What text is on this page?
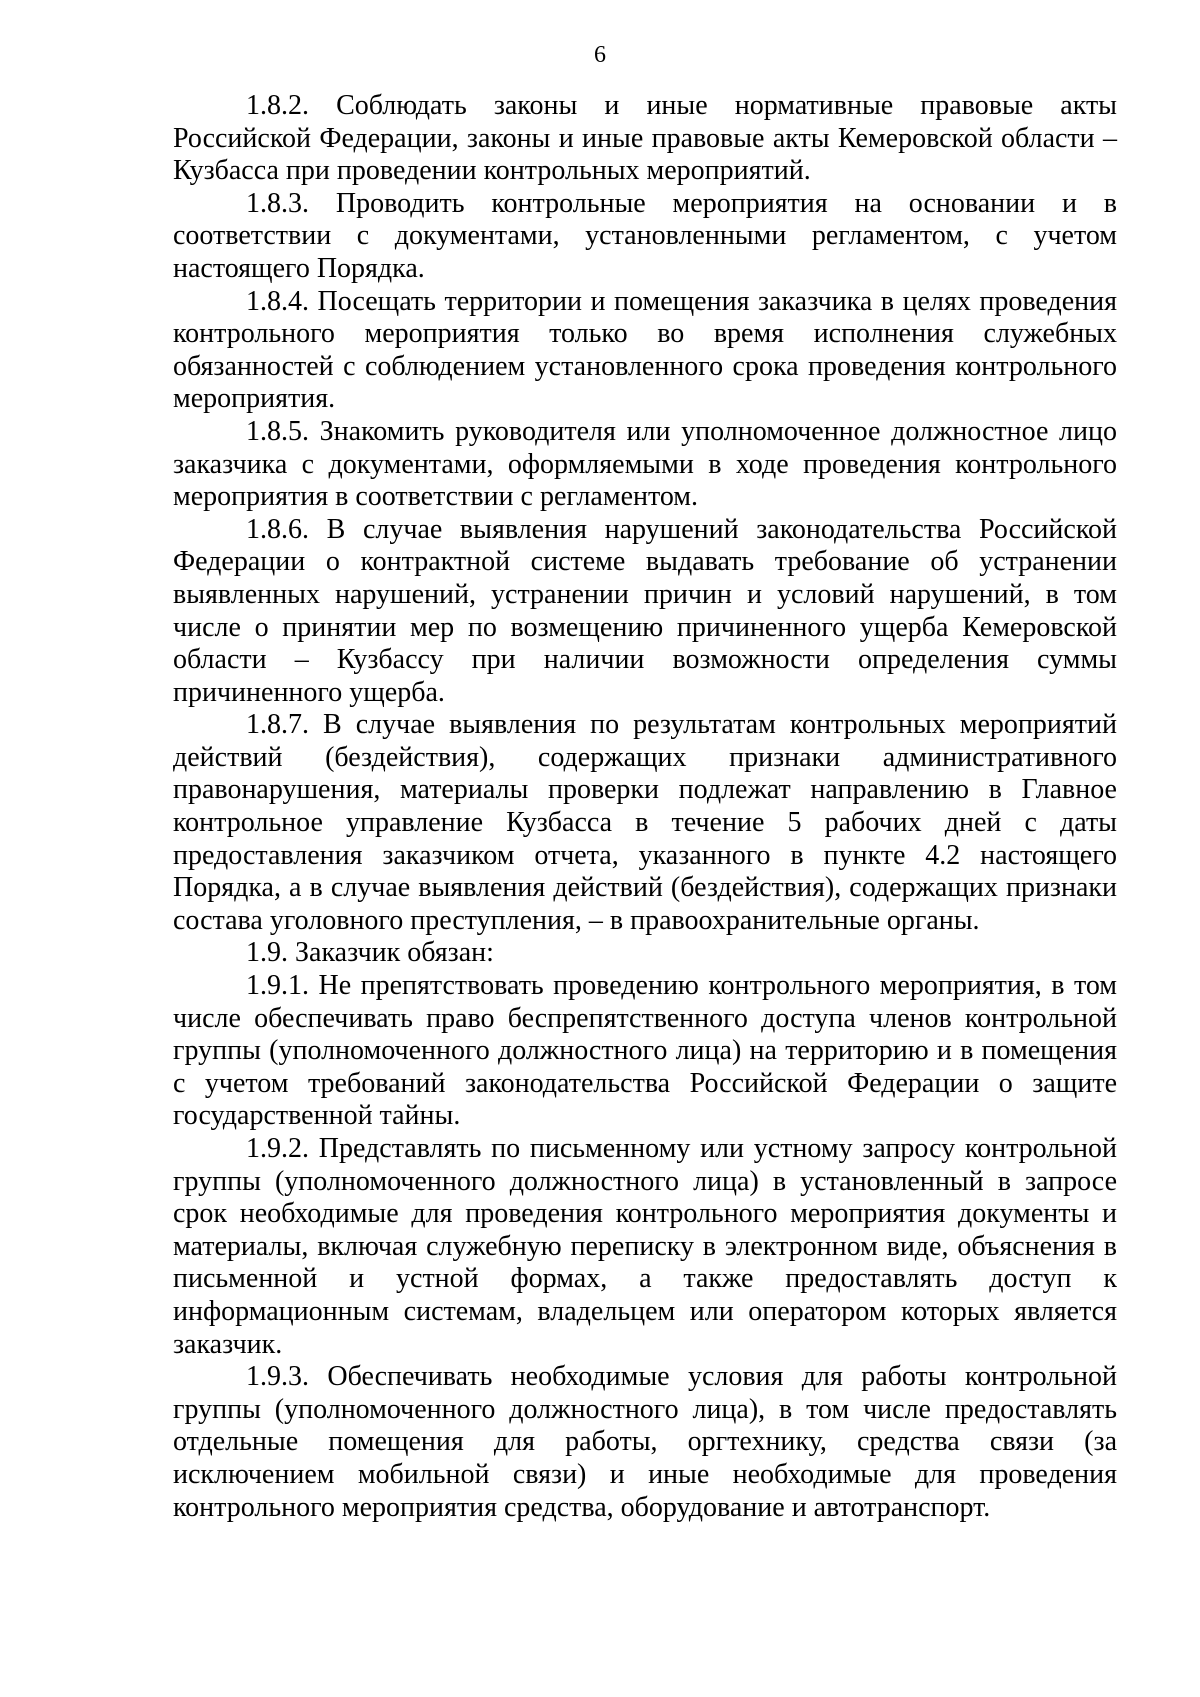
6

1.8.2. Соблюдать законы и иные нормативные правовые акты Российской Федерации, законы и иные правовые акты Кемеровской области – Кузбасса при проведении контрольных мероприятий.

1.8.3. Проводить контрольные мероприятия на основании и в соответствии с документами, установленными регламентом, с учетом настоящего Порядка.

1.8.4. Посещать территории и помещения заказчика в целях проведения контрольного мероприятия только во время исполнения служебных обязанностей с соблюдением установленного срока проведения контрольного мероприятия.

1.8.5. Знакомить руководителя или уполномоченное должностное лицо заказчика с документами, оформляемыми в ходе проведения контрольного мероприятия в соответствии с регламентом.

1.8.6. В случае выявления нарушений законодательства Российской Федерации о контрактной системе выдавать требование об устранении выявленных нарушений, устранении причин и условий нарушений, в том числе о принятии мер по возмещению причиненного ущерба Кемеровской области – Кузбассу при наличии возможности определения суммы причиненного ущерба.

1.8.7. В случае выявления по результатам контрольных мероприятий действий (бездействия), содержащих признаки административного правонарушения, материалы проверки подлежат направлению в Главное контрольное управление Кузбасса в течение 5 рабочих дней с даты предоставления заказчиком отчета, указанного в пункте 4.2 настоящего Порядка, а в случае выявления действий (бездействия), содержащих признаки состава уголовного преступления, – в правоохранительные органы.

1.9. Заказчик обязан:

1.9.1. Не препятствовать проведению контрольного мероприятия, в том числе обеспечивать право беспрепятственного доступа членов контрольной группы (уполномоченного должностного лица) на территорию и в помещения с учетом требований законодательства Российской Федерации о защите государственной тайны.

1.9.2. Представлять по письменному или устному запросу контрольной группы (уполномоченного должностного лица) в установленный в запросе срок необходимые для проведения контрольного мероприятия документы и материалы, включая служебную переписку в электронном виде, объяснения в письменной и устной формах, а также предоставлять доступ к информационным системам, владельцем или оператором которых является заказчик.

1.9.3. Обеспечивать необходимые условия для работы контрольной группы (уполномоченного должностного лица), в том числе предоставлять отдельные помещения для работы, оргтехнику, средства связи (за исключением мобильной связи) и иные необходимые для проведения контрольного мероприятия средства, оборудование и автотранспорт.
